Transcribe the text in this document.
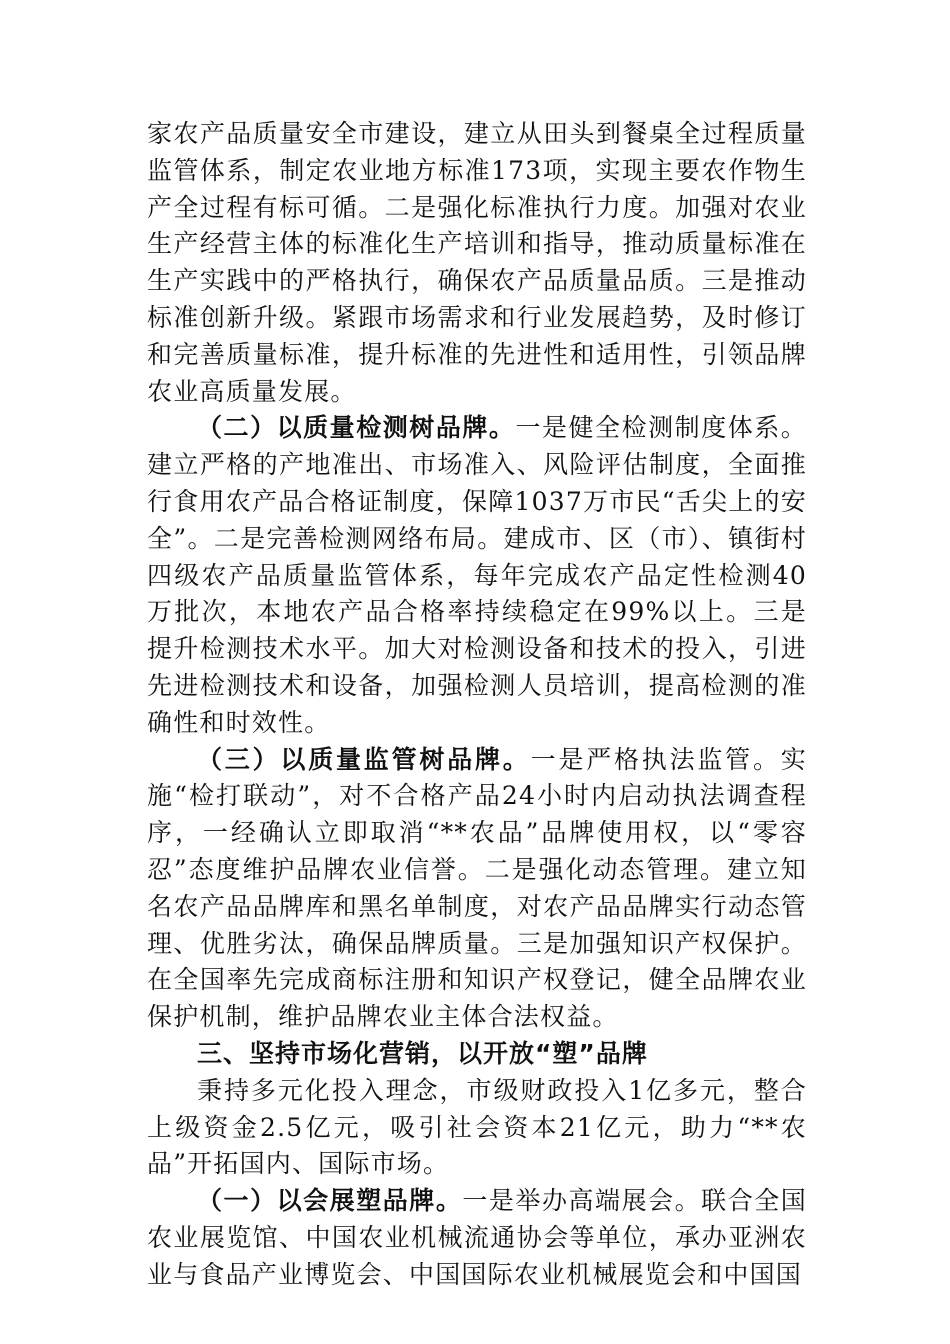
家农产品质量安全市建设，建立从田头到餐桌全过程质量监管体系，制定农业地方标准173项，实现主要农作物生产全过程有标可循。二是强化标准执行力度。加强对农业生产经营主体的标准化生产培训和指导，推动质量标准在生产实践中的严格执行，确保农产品质量品质。三是推动标准创新升级。紧跟市场需求和行业发展趋势，及时修订和完善质量标准，提升标准的先进性和适用性，引领品牌农业高质量发展。

（二）以质量检测树品牌。一是健全检测制度体系。建立严格的产地准出、市场准入、风险评估制度，全面推行食用农产品合格证制度，保障1037万市民“舌尖上的安全”。二是完善检测网络布局。建成市、区（市）、镇街村四级农产品质量监管体系，每年完成农产品定性检测40万批次，本地农产品合格率持续稳定在99%以上。三是提升检测技术水平。加大对检测设备和技术的投入，引进先进检测技术和设备，加强检测人员培训，提高检测的准确性和时效性。

（三）以质量监管树品牌。一是严格执法监管。实施“检打联动”，对不合格产品24小时内启动执法调查程序，一经确认立即取消“**农品”品牌使用权，以“零容忍”态度维护品牌农业信誉。二是强化动态管理。建立知名农产品品牌库和黑名单制度，对农产品品牌实行动态管理、优胜劣汰，确保品牌质量。三是加强知识产权保护。在全国率先完成商标注册和知识产权登记，健全品牌农业保护机制，维护品牌农业主体合法权益。

三、坚持市场化营销，以开放“塑”品牌

秉持多元化投入理念，市级财政投入1亿多元，整合上级资金2.5亿元，吸引社会资本21亿元，助力“**农品”开拓国内、国际市场。

（一）以会展塑品牌。一是举办高端展会。联合全国农业展览馆、中国农业机械流通协会等单位，承办亚洲农业与食品产业博览会、中国国际农业机械展览会和中国国
